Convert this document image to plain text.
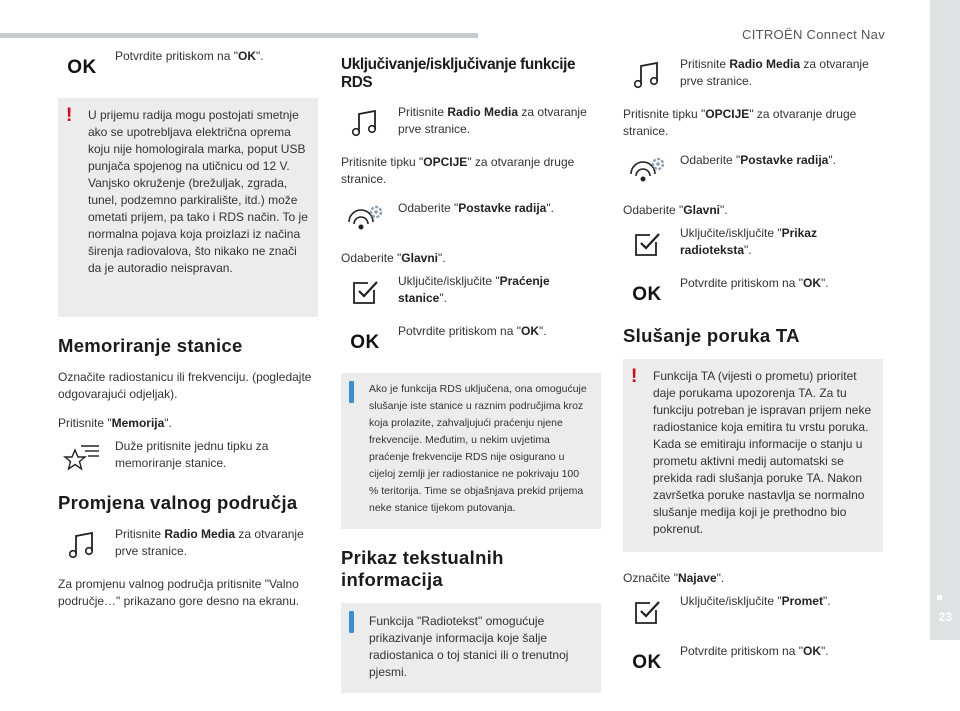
CITROËN Connect Nav
23
OK
Potvrdite pritiskom na "OK".
! U prijemu radija mogu postojati smetnje ako se upotrebljava električna oprema koju nije homologirala marka, poput USB punjača spojenog na utičnicu od 12 V. Vanjsko okruženje (brežuljak, zgrada, tunel, podzemno parkiralište, itd.) može ometati prijem, pa tako i RDS način. To je normalna pojava koja proizlazi iz načina širenja radiovalova, što nikako ne znači da je autoradio neispravan.
Memoriranje stanice
Označite radiostanicu ili frekvenciju. (pogledajte odgovarajući odjeljak).
Pritisnite "Memorija".
Duže pritisnite jednu tipku za memoriranje stanice.
Promjena valnog područja
Pritisnite Radio Media za otvaranje prve stranice.
Za promjenu valnog područja pritisnite "Valno područje…" prikazano gore desno na ekranu.
Uključivanje/isključivanje funkcije RDS
Pritisnite Radio Media za otvaranje prve stranice.
Pritisnite tipku "OPCIJE" za otvaranje druge stranice.
Odaberite "Postavke radija".
Odaberite "Glavni".
Uključite/isključite "Praćenje stanice".
OK
Potvrdite pritiskom na "OK".
Ako je funkcija RDS uključena, ona omogućuje slušanje iste stanice u raznim područjima kroz koja prolazite, zahvaljujući praćenju njene frekvencije. Međutim, u nekim uvjetima praćenje frekvencije RDS nije osigurano u cijeloj zemlji jer radiostanice ne pokrivaju 100 % teritorija. Time se objašnjava prekid prijema neke stanice tijekom putovanja.
Prikaz tekstualnih informacija
Funkcija "Radiotekst" omogućuje prikazivanje informacija koje šalje radiostanica o toj stanici ili o trenutnoj pjesmi.
Pritisnite Radio Media za otvaranje prve stranice.
Pritisnite tipku "OPCIJE" za otvaranje druge stranice.
Odaberite "Postavke radija".
Odaberite "Glavni".
Uključite/isključite "Prikaz radioteksta".
OK
Potvrdite pritiskom na "OK".
Slušanje poruka TA
! Funkcija TA (vijesti o prometu) prioritet daje porukama upozorenja TA. Za tu funkciju potreban je ispravan prijem neke radiostanice koja emitira tu vrstu poruka. Kada se emitiraju informacije o stanju u prometu aktivni medij automatski se prekida radi slušanja poruke TA. Nakon završetka poruke nastavlja se normalno slušanje medija koji je prethodno bio pokrenut.
Označite "Najave".
Uključite/isključite "Promet".
OK
Potvrdite pritiskom na "OK".
